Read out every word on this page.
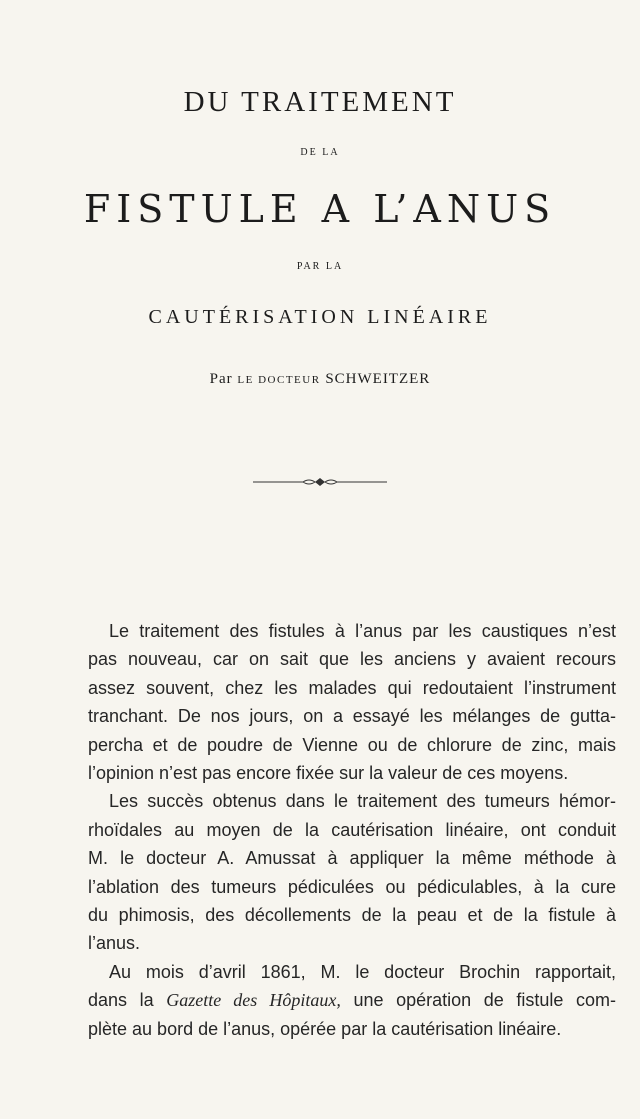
DU TRAITEMENT
DE LA
FISTULE A L’ANUS
PAR LA
CAUTÉRISATION LINÉAIRE
Par LE DOCTEUR SCHWEITZER
Le traitement des fistules à l’anus par les caustiques n’est
pas nouveau, car on sait que les anciens y avaient recours
assez souvent, chez les malades qui redoutaient l’instrument
tranchant. De nos jours, on a essayé les mélanges de gutta-
percha et de poudre de Vienne ou de chlorure de zinc, mais
l’opinion n’est pas encore fixée sur la valeur de ces moyens.
Les succès obtenus dans le traitement des tumeurs hémor-
rhoïdales au moyen de la cautérisation linéaire, ont conduit
M. le docteur A. Amussat à appliquer la même méthode à
l’ablation des tumeurs pédiculées ou pédiculables, à la cure
du phimosis, des décollements de la peau et de la fistule à
l’anus.
Au mois d’avril 1861, M. le docteur Brochin rapportait,
dans la Gazette des Hôpitaux, une opération de fistule com-
plète au bord de l’anus, opérée par la cautérisation linéaire.
